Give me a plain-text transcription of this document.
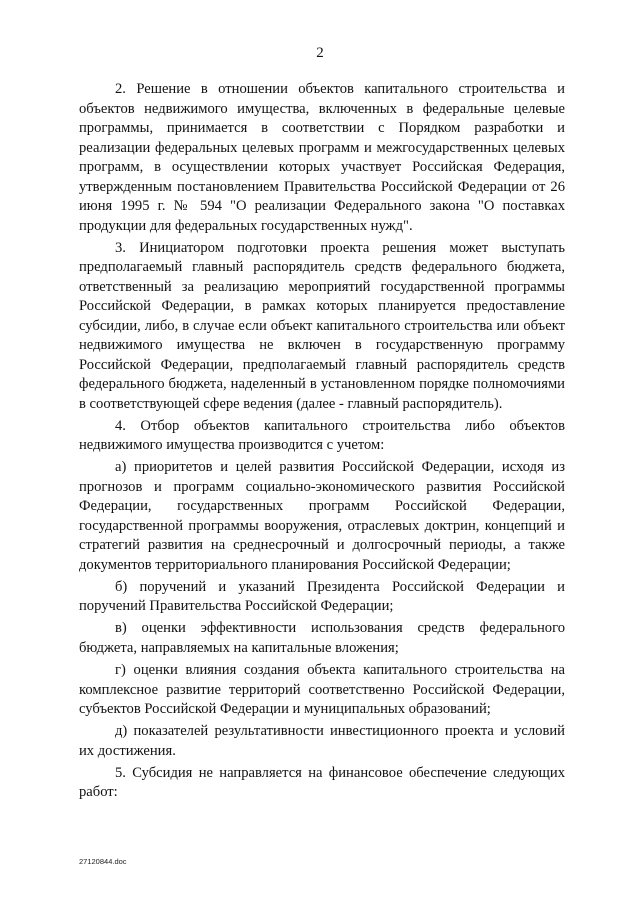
2

2. Решение в отношении объектов капитального строительства и объектов недвижимого имущества, включенных в федеральные целевые программы, принимается в соответствии с Порядком разработки и реализации федеральных целевых программ и межгосударственных целевых программ, в осуществлении которых участвует Российская Федерация, утвержденным постановлением Правительства Российской Федерации от 26 июня 1995 г. № 594 "О реализации Федерального закона "О поставках продукции для федеральных государственных нужд".

3. Инициатором подготовки проекта решения может выступать предполагаемый главный распорядитель средств федерального бюджета, ответственный за реализацию мероприятий государственной программы Российской Федерации, в рамках которых планируется предоставление субсидии, либо, в случае если объект капитального строительства или объект недвижимого имущества не включен в государственную программу Российской Федерации, предполагаемый главный распорядитель средств федерального бюджета, наделенный в установленном порядке полномочиями в соответствующей сфере ведения (далее - главный распорядитель).

4. Отбор объектов капитального строительства либо объектов недвижимого имущества производится с учетом:

а) приоритетов и целей развития Российской Федерации, исходя из прогнозов и программ социально-экономического развития Российской Федерации, государственных программ Российской Федерации, государственной программы вооружения, отраслевых доктрин, концепций и стратегий развития на среднесрочный и долгосрочный периоды, а также документов территориального планирования Российской Федерации;

б) поручений и указаний Президента Российской Федерации и поручений Правительства Российской Федерации;

в) оценки эффективности использования средств федерального бюджета, направляемых на капитальные вложения;

г) оценки влияния создания объекта капитального строительства на комплексное развитие территорий соответственно Российской Федерации, субъектов Российской Федерации и муниципальных образований;

д) показателей результативности инвестиционного проекта и условий их достижения.

5. Субсидия не направляется на финансовое обеспечение следующих работ:

27120844.doc
